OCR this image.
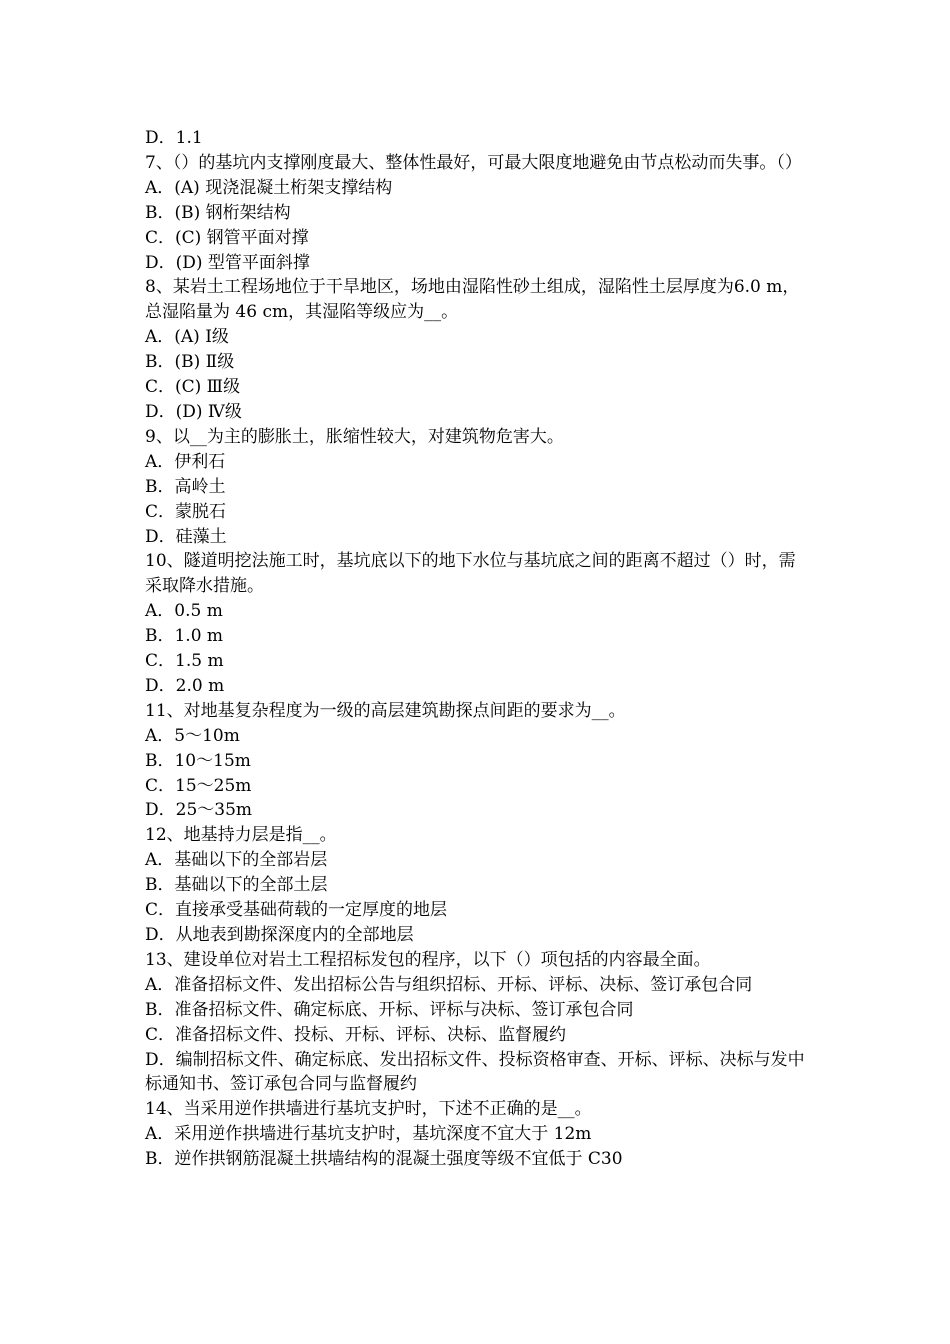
D．1.1

7、（）的基坑内支撑刚度最大、整体性最好，可最大限度地避免由节点松动而失事。（）

A．(A) 现浇混凝土桁架支撑结构

B．(B) 钢桁架结构

C．(C) 钢管平面对撑

D．(D) 型管平面斜撑

8、某岩土工程场地位于干旱地区，场地由湿陷性砂土组成，湿陷性土层厚度为6.0 m，总湿陷量为 46 cm，其湿陷等级应为__。

A．(A) Ⅰ级

B．(B) Ⅱ级

C．(C) Ⅲ级

D．(D) Ⅳ级

9、以__为主的膨胀土，胀缩性较大，对建筑物危害大。

A．伊利石

B．高岭土

C．蒙脱石

D．硅藻土

10、隧道明挖法施工时，基坑底以下的地下水位与基坑底之间的距离不超过（）时，需采取降水措施。

A．0.5 m

B．1.0 m

C．1.5 m

D．2.0 m

11、对地基复杂程度为一级的高层建筑勘探点间距的要求为__。

A．5～10m

B．10～15m

C．15～25m

D．25～35m

12、地基持力层是指__。

A．基础以下的全部岩层

B．基础以下的全部土层

C．直接承受基础荷载的一定厚度的地层

D．从地表到勘探深度内的全部地层

13、建设单位对岩土工程招标发包的程序，以下（）项包括的内容最全面。

A．准备招标文件、发出招标公告与组织招标、开标、评标、决标、签订承包合同

B．准备招标文件、确定标底、开标、评标与决标、签订承包合同

C．准备招标文件、投标、开标、评标、决标、监督履约

D．编制招标文件、确定标底、发出招标文件、投标资格审查、开标、评标、决标与发中标通知书、签订承包合同与监督履约

14、当采用逆作拱墙进行基坑支护时，下述不正确的是__。

A．采用逆作拱墙进行基坑支护时，基坑深度不宜大于 12m

B．逆作拱钢筋混凝土拱墙结构的混凝土强度等级不宜低于 C30
